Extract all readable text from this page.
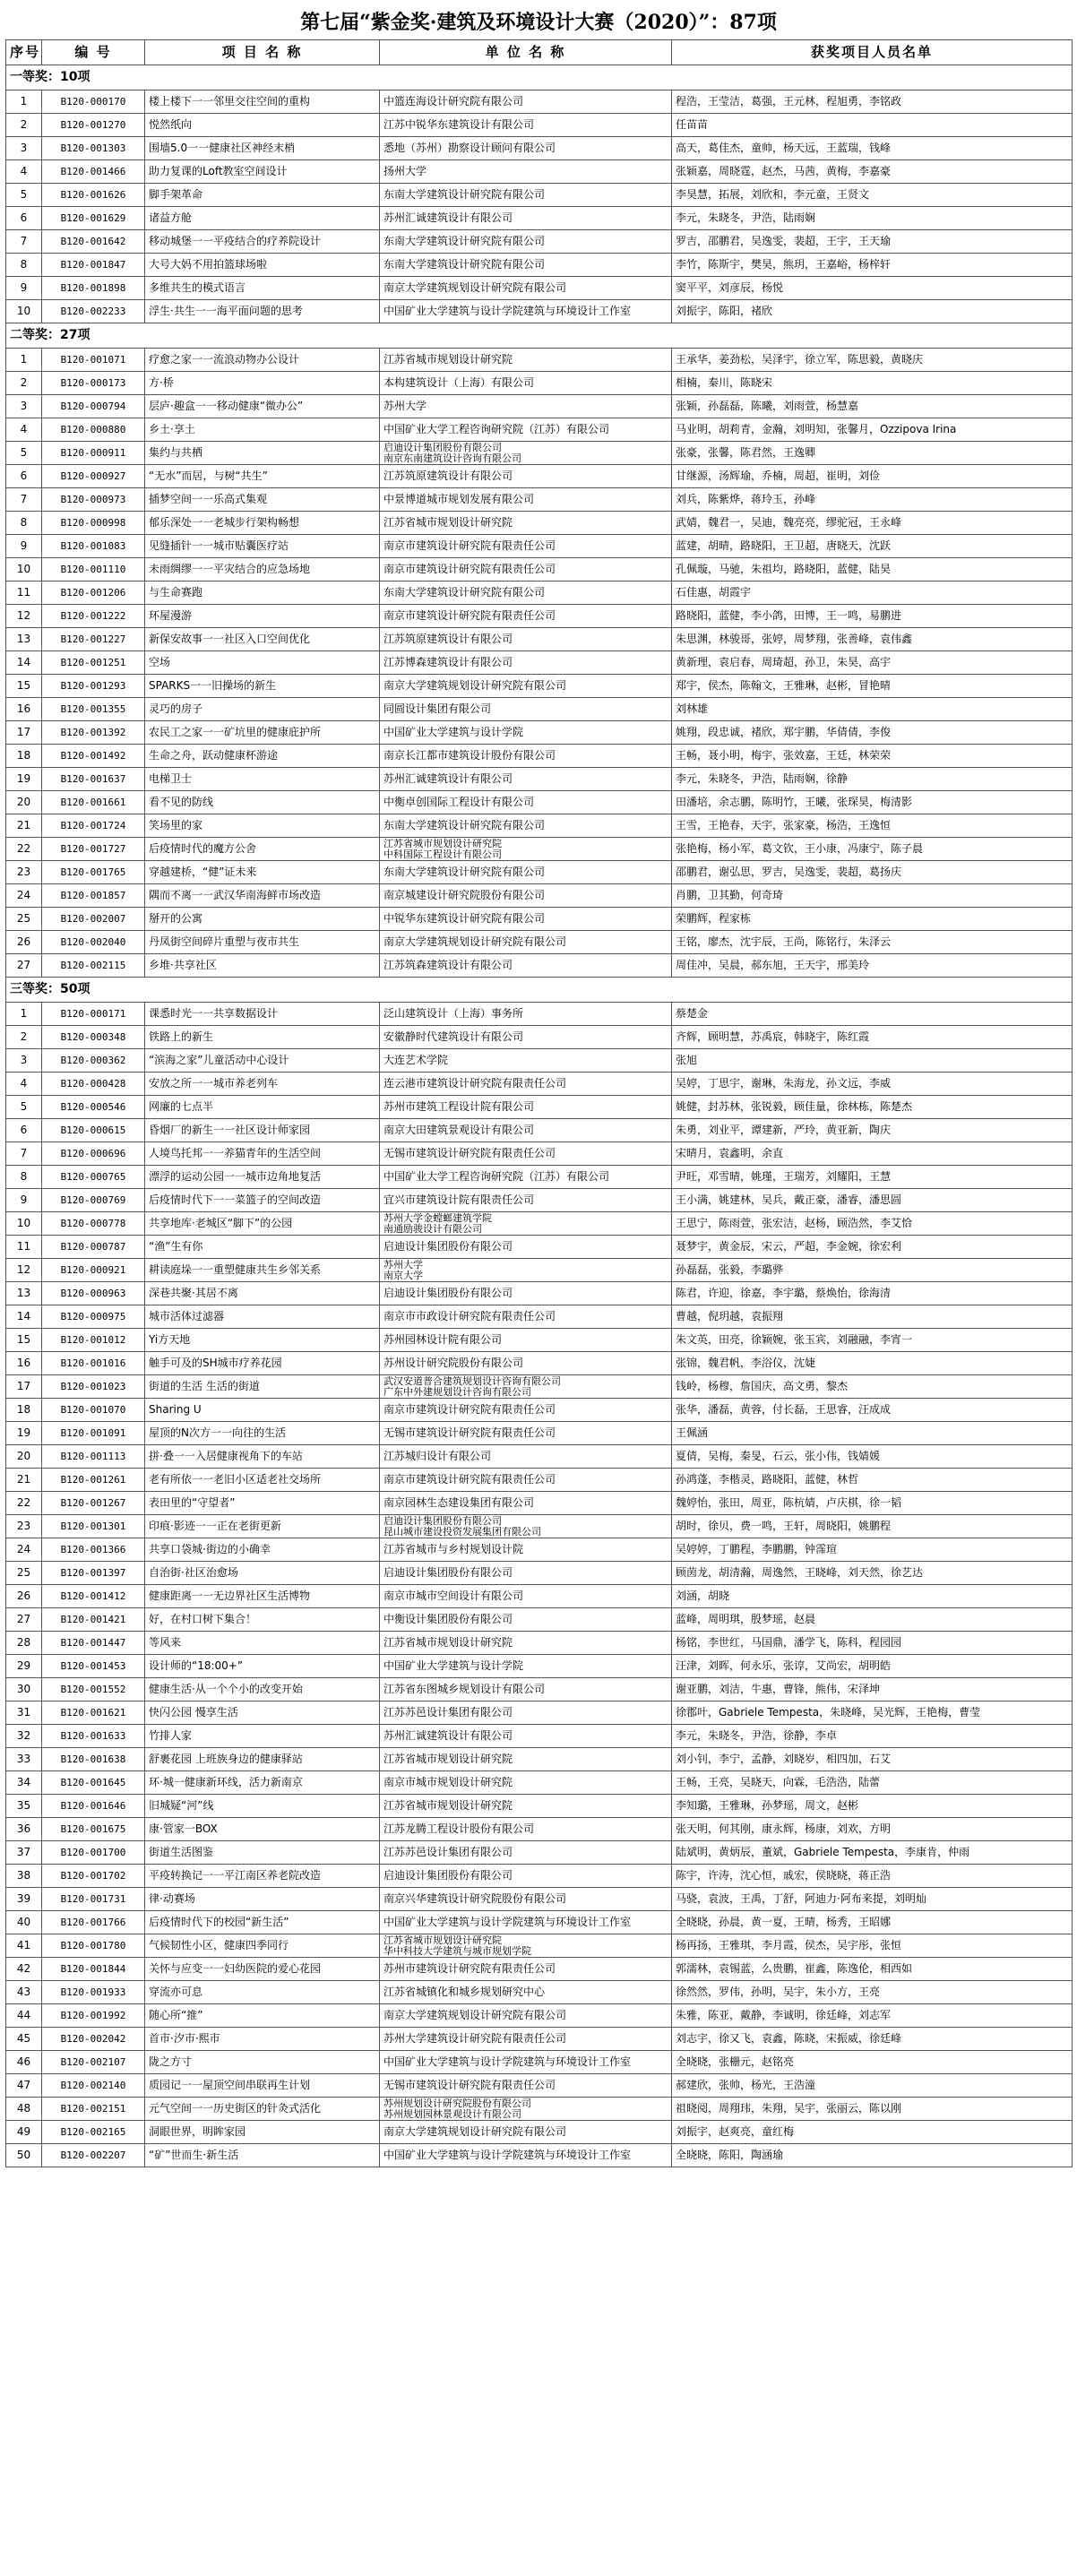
第七届“紫金奖·建筑及环境设计大赛（2020）”：87项
序号	编 号	项 目 名 称	单 位 名 称	获奖项目人员名单
一等奖：10项				
1	B120-000170	楼上楼下一一邻里交往空间的重构	中篮连海设计研究院有限公司	程浩，王莹洁，葛强，王元林，程旭勇，李铭政
2	B120-001270	悦然纸向	江苏中锐华东建筑设计有限公司	任苗苗
3	B120-001303	围墙5.0一一健康社区神经末梢	悉地（苏州）勘察设计顾问有限公司	高天，葛佳杰，童帅，杨天远，王蓝瑞，钱峰
4	B120-001466	助力复课的Loft教室空间设计	扬州大学	张颖嘉，周晓霆，赵杰，马茜，黄梅，李嘉豪
5	B120-001626	脚手架革命	东南大学建筑设计研究院有限公司	李昊慧，拓展，刘欣和，李元童，王贤文
6	B120-001629	诸益方舱	苏州汇诚建筑设计有限公司	李元，朱晓冬，尹浩，陆雨娴
7	B120-001642	移动城堡一一平疫结合的疗养院设计	东南大学建筑设计研究院有限公司	罗吉，邵鹏君，吴逸雯，裴超，王宇，王天瑜
8	B120-001847	大号大妈不用拍篮球场啦	东南大学建筑设计研究院有限公司	李竹，陈斯宇，樊昊，熊玥，王嘉峪，杨梓轩
9	B120-001898	多维共生的模式语言	南京大学建筑规划设计研究院有限公司	窦平平，刘彦辰，杨悦
10	B120-002233	浮生·共生一一海平面问题的思考	中国矿业大学建筑与设计学院建筑与环境设计工作室	刘振宇，陈阳，褚欣
二等奖：27项				
1	B120-001071	疗愈之家一一流浪动物办公设计	江苏省城市规划设计研究院	王承华，姜劲松，吴泽宇，徐立军，陈思毅，黄晓庆
2	B120-000173	方·桥	本构建筑设计（上海）有限公司	相楠，秦川，陈晓宋
3	B120-000794	层庐·趣盒一一移动健康“微办公”	苏州大学	张颖，孙磊磊，陈曦，刘雨萱，杨慧嘉
4	B120-000880	乡土·享土	中国矿业大学工程咨询研究院（江苏）有限公司	马业明，胡莉青，金瀚，刘明知，张馨月，Ozzipova Irina
5	B120-000911	集约与共栖	启迪设计集团股份有限公司
南京东南建筑设计咨询有限公司	张豪，张馨，陈君然，王逸卿
6	B120-000927	“无水”而居，与树“共生”	江苏筑原建筑设计有限公司	甘继源，汤辉瑜，乔楠，周超，崔明，刘俭
7	B120-000973	插梦空间一一乐高式集观	中景博道城市规划发展有限公司	刘兵，陈紫烨，蒋玲玉，孙峰
8	B120-000998	郁乐深处一一老城步行架构畅想	江苏省城市规划设计研究院	武婧，魏君一，吴迪，魏亮亮，缪驼冠，王永峰
9	B120-001083	见缝插针一一城市贴囊医疗站	南京市建筑设计研究院有限责任公司	蓝建，胡晴，路晓阳，王卫超，唐晓天，沈跃
10	B120-001110	未雨绸缪一一平灾结合的应急场地	南京市建筑设计研究院有限责任公司	孔佩璇，马驰，朱祖均，路晓阳，蓝健，陆昊
11	B120-001206	与生命赛跑	东南大学建筑设计研究院有限公司	石佳惠，胡霞宇
12	B120-001222	环屋漫游	南京市建筑设计研究院有限责任公司	路晓阳，蓝健，李小鸽，田博，王一鸣，易鹏进
13	B120-001227	新保安故事一一社区入口空间优化	江苏筑原建筑设计有限公司	朱思渊，林骏哥，张婷，周梦翔，张善峰，袁伟鑫
14	B120-001251	空场	江苏博森建筑设计有限公司	黄新理，袁启春，周琦超，孙卫，朱昊，高宇
15	B120-001293	SPARKS一一旧操场的新生	南京大学建筑规划设计研究院有限公司	郑宇，侯杰，陈翰文，王雅琳，赵彬，冒艳晴
16	B120-001355	灵巧的房子	同圆设计集团有限公司	刘林雄
17	B120-001392	农民工之家一一矿坑里的健康庇护所	中国矿业大学建筑与设计学院	姚翔，段忠诚，褚欣，郑宇鹏，华倩倩，李俊
18	B120-001492	生命之舟，跃动健康杯游途	南京长江都市建筑设计股份有限公司	王畅，聂小明，梅宇，张效嘉，王廷，林荣荣
19	B120-001637	电梯卫士	苏州汇诚建筑设计有限公司	李元，朱晓冬，尹浩，陆雨娴，徐静
20	B120-001661	看不见的防线	中衡卓创国际工程设计有限公司	田潘培，余志鹏，陈明竹，王曦，张琛昊，梅清影
21	B120-001724	笑场里的家	东南大学建筑设计研究院有限公司	王雪，王艳春，天宇，张家豪，杨浩，王逸恒
22	B120-001727	后疫情时代的魔方公舍	江苏省城市规划设计研究院
中科国际工程设计有限公司	张艳梅，杨小军，葛文钦，王小康，冯康宁，陈子晨
23	B120-001765	穿越建桥，“健”证未来	东南大学建筑设计研究院有限公司	邵鹏君，谢弘思，罗吉，吴逸雯，裴超，葛扬庆
24	B120-001857	隅而不离一一武汉华南海鲜市场改造	南京城建设计研究院股份有限公司	肖鹏，卫其勤，何奇琦
25	B120-002007	掰开的公寓	中锐华东建筑设计研究院有限公司	荣鹏辉，程家栋
26	B120-002040	丹凤街空间碎片重塑与夜市共生	南京大学建筑规划设计研究院有限公司	王铭，廖杰，沈宇辰，王尚，陈铭行，朱泽云
27	B120-002115	乡堆·共享社区	江苏筑森建筑设计有限公司	周佳冲，吴晨，郝东旭，王天宇，邢美玲
三等奖：50项				
1	B120-000171	课悉时光一一共享数据设计	泛山建筑设计（上海）事务所	蔡楚金
2	B120-000348	铁路上的新生	安徽静时代建筑设计有限公司	齐辉，顾明慧，苏禹宸，韩晓宇，陈红霞
3	B120-000362	“滨海之家”儿童活动中心设计	大连艺术学院	张旭
4	B120-000428	安放之所一一城市养老列车	连云港市建筑设计研究院有限责任公司	吴婷，丁思宇，谢琳，朱海龙，孙文远，李威
5	B120-000546	网廉的七点半	苏州市建筑工程设计院有限公司	姚健，封苏林，张锐毅，顾佳量，徐林栋，陈楚杰
6	B120-000615	昏烟厂的新生一一社区设计师家园	南京大田建筑景观设计有限公司	朱勇，刘业平，谭建新，严玲，黄亚新，陶庆
7	B120-000696	人境鸟托邦一一养猫青年的生活空间	无锡市建筑设计研究院有限责任公司	宋晴月，袁鑫明，余直
8	B120-000765	漂浮的运动公园一一城市边角地复活	中国矿业大学工程咨询研究院（江苏）有限公司	尹旺，邓雪晴，姚瑾，王瑞芳，刘耀阳，王慧
9	B120-000769	后疫情时代下一一菜篮子的空间改造	宜兴市建筑设计院有限责任公司	王小满，姚建林，吴兵，戴正豪，潘睿，潘思圆
10	B120-000778	共享地库·老城区“脚下”的公园	苏州大学金螳螂建筑学院
南通励骏设计有限公司	王思宁，陈雨萱，张宏洁，赵杨，顾浩然，李艾恰
11	B120-000787	“渔”生有你	启迪设计集团股份有限公司	聂梦宇，黄金辰，宋云，严超，李金婉，徐宏利
12	B120-000921	耕读庭垛一一重塑健康共生乡邻关系	苏州大学
南京大学	孙磊磊，张毅，李璐骅
13	B120-000963	深巷共聚·其居不离	启迪设计集团股份有限公司	陈君，许迎，徐嘉，李宇璐，蔡焕怡，徐海清
14	B120-000975	城市活体过滤器	南京市市政设计研究院有限责任公司	曹越，倪玥越，袁振翔
15	B120-001012	Yi方天地	苏州园林设计院有限公司	朱文英，田亮，徐颖婉，张玉宾，刘融融，李宵一
16	B120-001016	触手可及的SH城市疗养花园	苏州设计研究院股份有限公司	张锦，魏君帆，李浴仪，沈婕
17	B120-001023	街道的生活 生活的街道	武汉安道普合建筑规划设计咨询有限公司
广东中外建规划设计咨询有限公司	钱岭，杨穆，詹国庆，高文勇，黎杰
18	B120-001070	Sharing U	南京市建筑设计研究院有限责任公司	张华，潘磊，黄蓉，付长磊，王思睿，汪成成
19	B120-001091	屋顶的N次方一一向往的生活	无锡市建筑设计研究院有限责任公司	王佩涵
20	B120-001113	拼·叠一一入居健康视角下的车站	江苏城归设计有限公司	夏倩，吴梅，秦旻，石云，张小伟，钱婧媛
21	B120-001261	老有所依一一老旧小区适老社交场所	南京市建筑设计研究院有限责任公司	孙鸿蓬，李楷灵，路晓阳，蓝健，林哲
22	B120-001267	表田里的“守望者”	南京园林生态建设集团有限公司	魏婷怡，张田，周亚，陈杭婧，卢庆棋，徐一韬
23	B120-001301	印痕·影迹一一正在老街更新	启迪设计集团股份有限公司
昆山城市建设投资发展集团有限公司	胡时，徐贝，费一鸣，王轩，周晓阳，姚鹏程
24	B120-001366	共享口袋城·街边的小确幸	江苏省城市与乡村规划设计院	吴婷婷，丁鹏程，李鹏鹏，钟霈瑄
25	B120-001397	自治街·社区治愈场	启迪设计集团股份有限公司	顾茵龙，胡清瀚，周逸然，王晓峰，刘天然，徐艺达
26	B120-001412	健康距离一一无边界社区生活博物	南京市城市空间设计有限公司	刘涵，胡晓
27	B120-001421	好，在村口树下集合！	中衡设计集团股份有限公司	蓝峰，周明琪，殷梦瑶，赵晨
28	B120-001447	等风来	江苏省城市规划设计研究院	杨铭，李世红，马国鼎，潘学飞，陈科，程园园
29	B120-001453	设计师的“18:00+”	中国矿业大学建筑与设计学院	汪津，刘晖，何永乐，张谆，艾尚宏，胡明皓
30	B120-001552	健康生活·从一个个小的改变开始	江苏省东图城乡规划设计有限公司	谢亚鹏，刘洁，牛惠，曹锋，熊伟，宋泽坤
31	B120-001621	快闪公园 慢享生活	江苏苏邑设计集团有限公司	徐郡叶，Gabriele Tempesta，朱晓峰，吴光辉，王艳梅，曹莹
32	B120-001633	竹排人家	苏州汇诚建筑设计有限公司	李元，朱晓冬，尹浩，徐静，李卓
33	B120-001638	舒裹花园 上班族身边的健康驿站	江苏省城市规划设计研究院	刘小钊，李宁，孟静，刘晓岁，相四加，石艾
34	B120-001645	环·城一健康新环线，活力新南京	南京市城市规划设计研究院	王畅，王亮，吴晓天，向霖，毛浩浩，陆蕾
35	B120-001646	旧城疑“河”线	江苏省城市规划设计研究院	李知璐，王雅琳，孙梦瑶，周文，赵彬
36	B120-001675	康·管家一BOX	江苏龙腾工程设计股份有限公司	张天明，何其刚，康永辉，杨康，刘欢，方明
37	B120-001700	街道生活图鉴	江苏苏邑设计集团有限公司	陆斌明，黄炳辰，董斌，Gabriele Tempesta，李康肯，仲雨
38	B120-001702	平疫转换记一一平江南区养老院改造	启迪设计集团股份有限公司	陈宇，许涛，沈心恒，戚宏，侯晓晓，蒋正浩
39	B120-001731	律·动赛场	南京兴华建筑设计研究院股份有限公司	马骁，袁波，王禹，丁舒，阿迪力·阿布来提，刘明灿
40	B120-001766	后疫情时代下的校园“新生活”	中国矿业大学建筑与设计学院建筑与环境设计工作室	全晓晓，孙晨，黄一夏，王晴，杨秀，王昭娜
41	B120-001780	气候韧性小区，健康四季同行	江苏省城市规划设计研究院
华中科技大学建筑与城市规划学院	杨再扬，王雅琪，李月霞，侯杰，吴宇彤，张恒
42	B120-001844	关怀与应变一一妇幼医院的爱心花园	苏州市建筑设计研究院有限责任公司	郭濡林，袁锡蓝，么贵鹏，崔鑫，陈逸伦，相西如
43	B120-001933	穿流亦可息	江苏省城镇化和城乡规划研究中心	徐然然，罗伟，孙明，吴宇，朱小方，王亮
44	B120-001992	随心所“推”	南京大学建筑规划设计研究院有限公司	朱雅，陈亚，戴静，李诚明，徐廷峰，刘志军
45	B120-002042	首市·汐市·熙市	苏州大学建筑设计研究院有限责任公司	刘志宇，徐又飞，袁鑫，陈晓，宋振威，徐廷峰
46	B120-002107	陇之方寸	中国矿业大学建筑与设计学院建筑与环境设计工作室	全晓晓，张栅元，赵铭亮
47	B120-002140	质园记一一屋顶空间串联再生计划	无锡市建筑设计研究院有限责任公司	郝建欣，张帅，杨光，王浩潼
48	B120-002151	元气空间一一历史街区的针灸式活化	苏州规划设计研究院股份有限公司
苏州规划园林景观设计有限公司	祖晓阅，周翔玮，朱翔，吴宇，张丽云，陈以刚
49	B120-002165	洞眼世界，明眸家园	南京大学建筑规划设计研究院有限公司	刘振宇，赵爽亮，童红梅
50	B120-002207	“矿”世而生·新生活	中国矿业大学建筑与设计学院建筑与环境设计工作室	全晓晓，陈阳，陶涵瑜
